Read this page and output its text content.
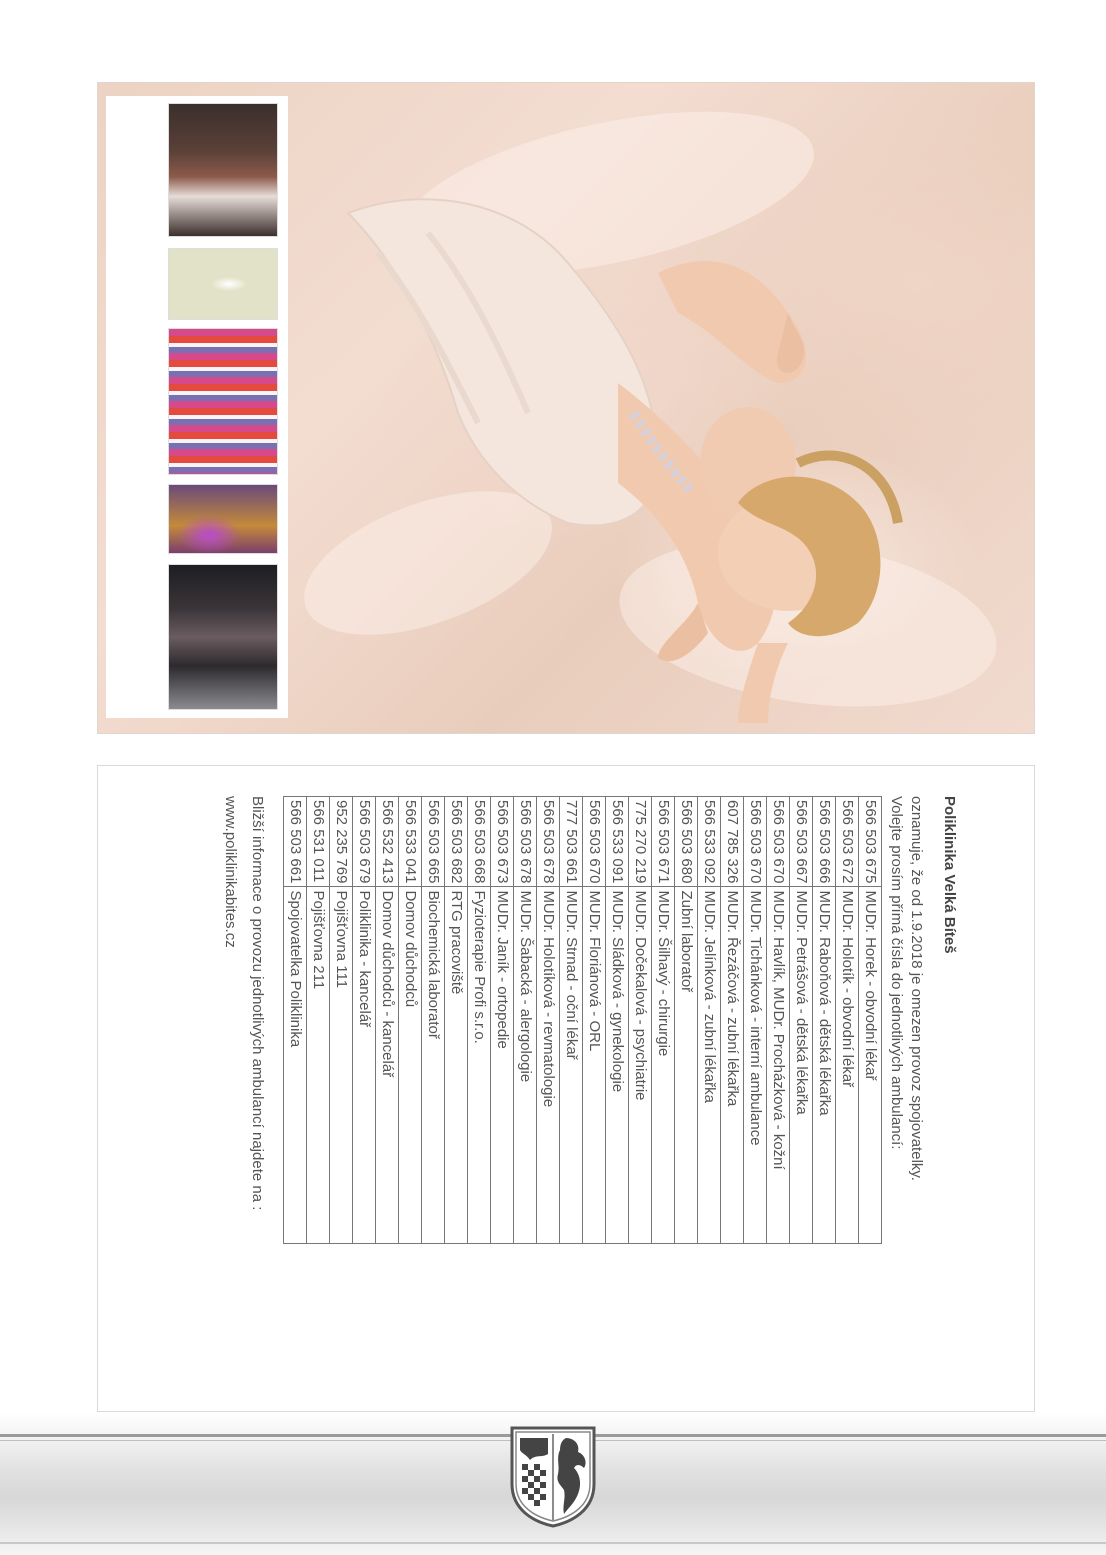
Poliklinika Velká Bíteš
oznamuje, že od 1.9.2018 je omezen provoz spojovatelky.
Volejte prosím přímá čísla do jednotlivých ambulancí:
566 503 675	MUDr. Horek - obvodní lékař
566 503 672	MUDr. Holotík - obvodní lékař
566 503 666	MUDr. Raboňová - dětská lékařka
566 503 667	MUDr. Petrášová - dětská lékařka
566 503 670	MUDr. Havlík, MUDr. Procházková - kožní
566 503 670	MUDr. Tichánková - interní ambulance
607 785 326	MUDr. Řezáčová - zubní lékařka
566 533 092	MUDr. Jelínková - zubní lékařka
566 503 680	Zubní laboratoř
566 503 671	MUDr. Šilhavý - chirurgie
775 270 219	MUDr. Dočekalová - psychiatrie
566 533 091	MUDr. Sládková - gynekologie
566 503 670	MUDr. Floriánová - ORL
777 503 661	MUDr. Strnad - oční lékař
566 503 678	MUDr. Holotíková - revmatologie
566 503 678	MUDr. Šabacká - alergologie
566 503 673	MUDr. Janík - ortopedie
566 503 668	Fyzioterapie Profi s.r.o.
566 503 682	RTG pracoviště
566 503 665	Biochemická laboratoř
566 533 041	Domov důchodců
566 532 413	Domov důchodců - kancelář
566 503 679	Poliklinika - kancelář
952 235 769	Pojišťovna 111
566 531 011	Pojišťovna 211
566 503 661	Spojovatelka Poliklinika
Bližší informace o provozu jednotlivých ambulancí najdete na :
www.poliklinikabites.cz
